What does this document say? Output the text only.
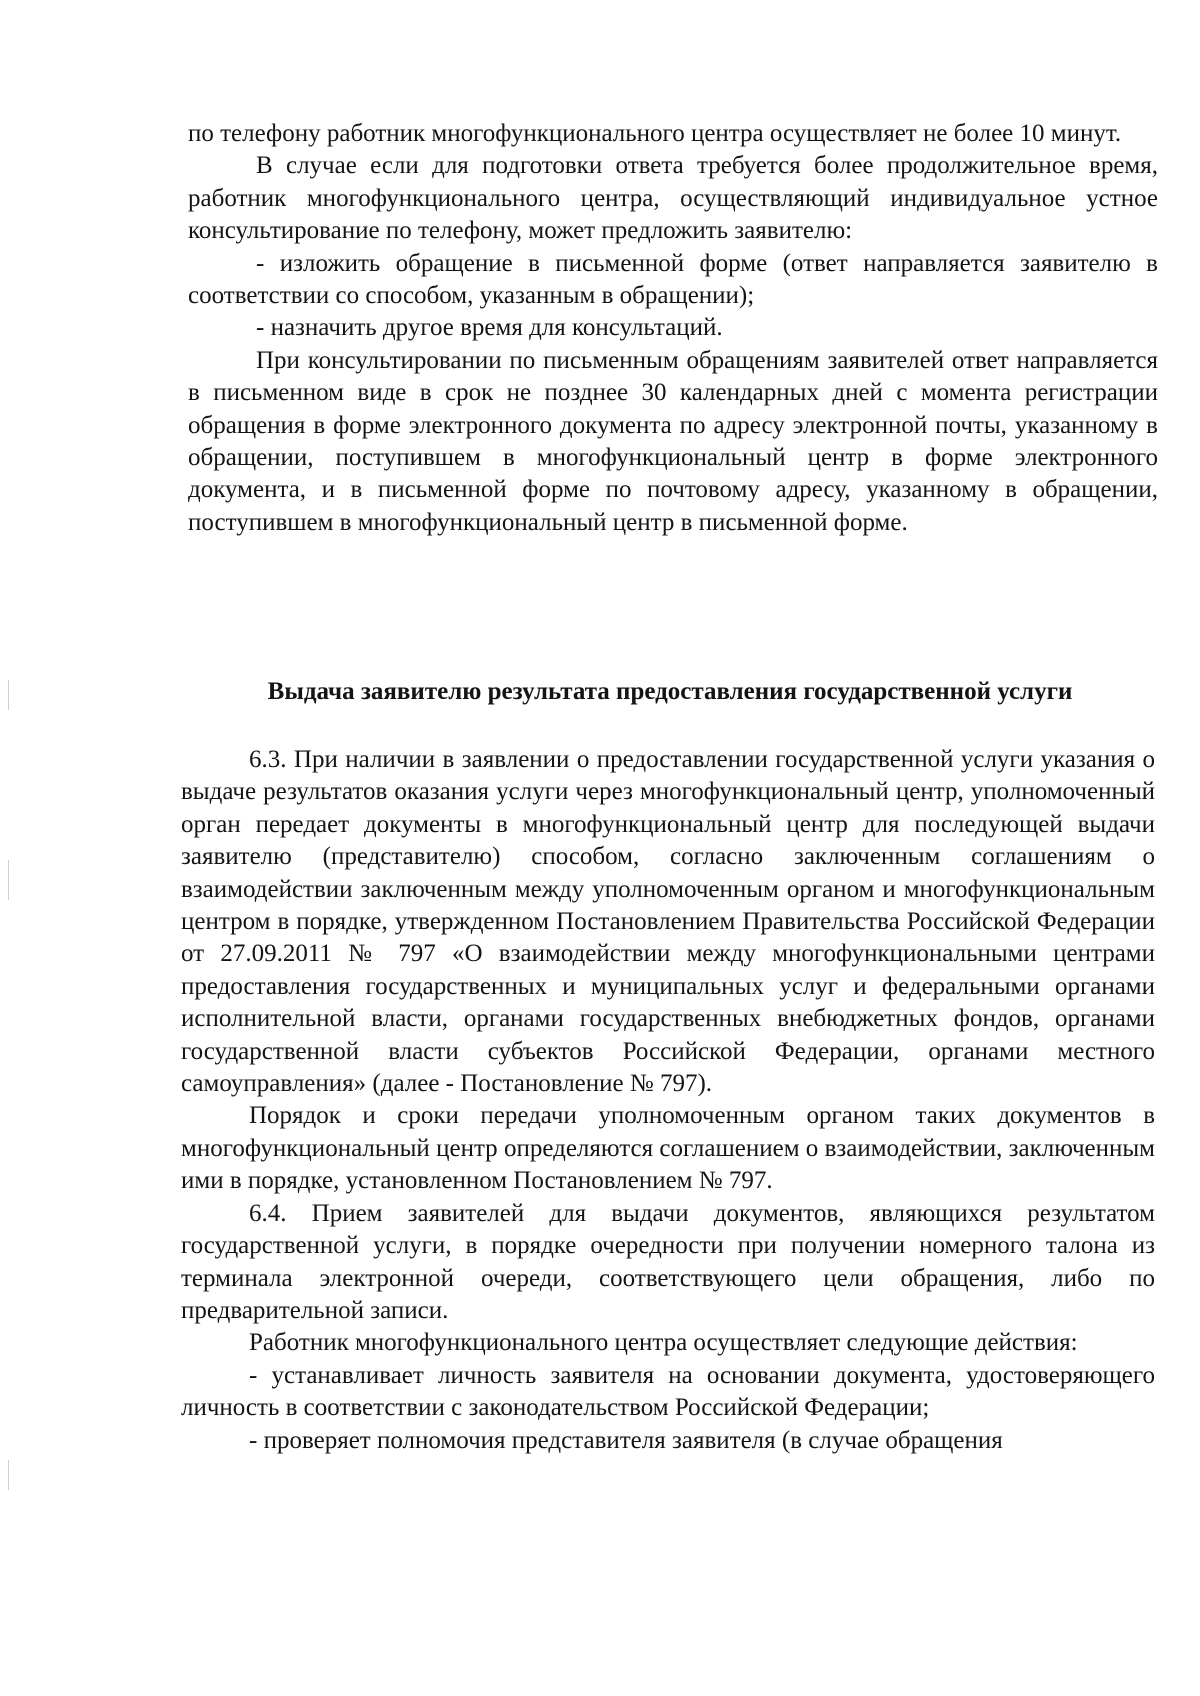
по телефону работник многофункционального центра осуществляет не более 10 минут.

В случае если для подготовки ответа требуется более продолжительное время, работник многофункционального центра, осуществляющий индивидуальное устное консультирование по телефону, может предложить заявителю:

- изложить обращение в письменной форме (ответ направляется заявителю в соответствии со способом, указанным в обращении);

- назначить другое время для консультаций.

При консультировании по письменным обращениям заявителей ответ направляется в письменном виде в срок не позднее 30 календарных дней с момента регистрации обращения в форме электронного документа по адресу электронной почты, указанному в обращении, поступившем в многофункциональный центр в форме электронного документа, и в письменной форме по почтовому адресу, указанному в обращении, поступившем в многофункциональный центр в письменной форме.

Выдача заявителю результата предоставления государственной услуги

6.3. При наличии в заявлении о предоставлении государственной услуги указания о выдаче результатов оказания услуги через многофункциональный центр, уполномоченный орган передает документы в многофункциональный центр для последующей выдачи заявителю (представителю) способом, согласно заключенным соглашениям о взаимодействии заключенным между уполномоченным органом и многофункциональным центром в порядке, утвержденном Постановлением Правительства Российской Федерации от 27.09.2011 № 797 «О взаимодействии между многофункциональными центрами предоставления государственных и муниципальных услуг и федеральными органами исполнительной власти, органами государственных внебюджетных фондов, органами государственной власти субъектов Российской Федерации, органами местного самоуправления» (далее - Постановление № 797).

Порядок и сроки передачи уполномоченным органом таких документов в многофункциональный центр определяются соглашением о взаимодействии, заключенным ими в порядке, установленном Постановлением № 797.

6.4. Прием заявителей для выдачи документов, являющихся результатом государственной услуги, в порядке очередности при получении номерного талона из терминала электронной очереди, соответствующего цели обращения, либо по предварительной записи.

Работник многофункционального центра осуществляет следующие действия:

- устанавливает личность заявителя на основании документа, удостоверяющего личность в соответствии с законодательством Российской Федерации;

- проверяет полномочия представителя заявителя (в случае обращения
